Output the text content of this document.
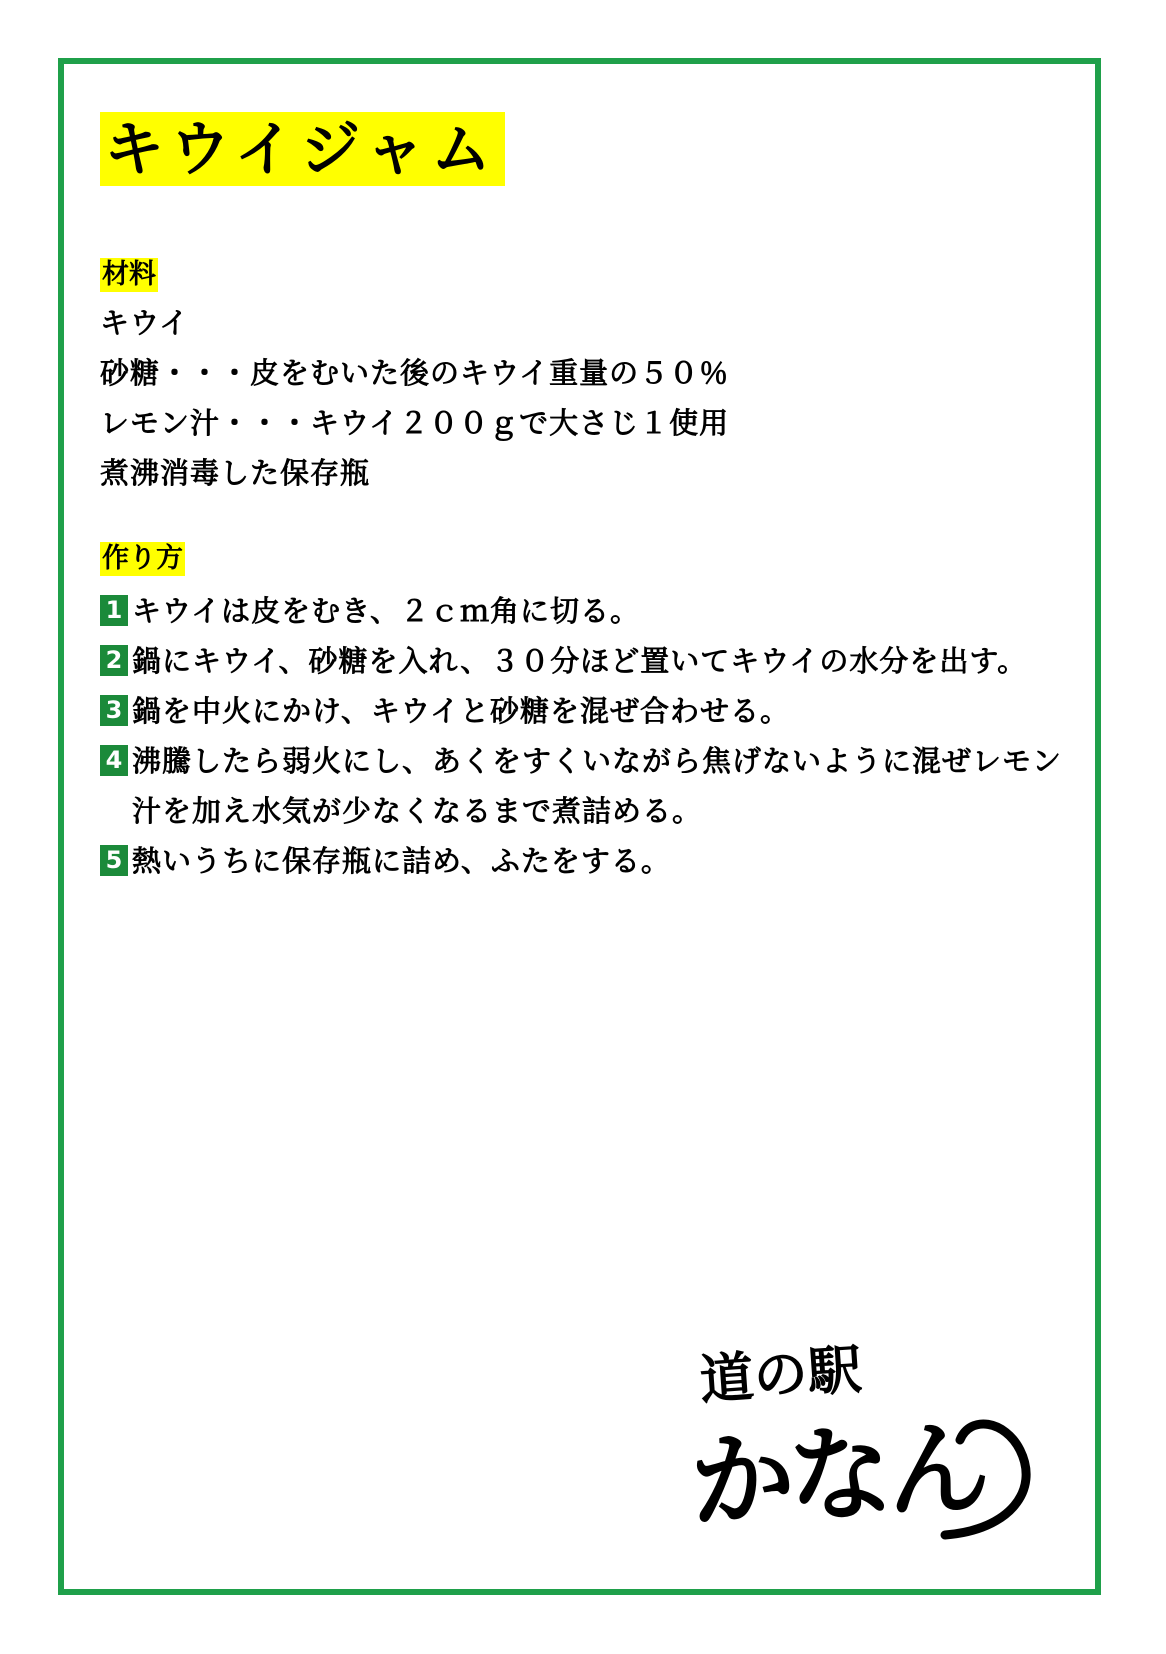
キウイジャム
材料
キウイ
砂糖・・・皮をむいた後のキウイ重量の５０％
レモン汁・・・キウイ２００ｇで大さじ１使用
煮沸消毒した保存瓶
作り方
1 キウイは皮をむき、２ｃｍ角に切る。
2 鍋にキウイ、砂糖を入れ、３０分ほど置いてキウイの水分を出す。
3 鍋を中火にかけ、キウイと砂糖を混ぜ合わせる。
4 沸騰したら弱火にし、あくをすくいながら焦げないように混ぜレモン汁を加え水気が少なくなるまで煮詰める。
5 熱いうちに保存瓶に詰め、ふたをする。
道の駅
かなん
